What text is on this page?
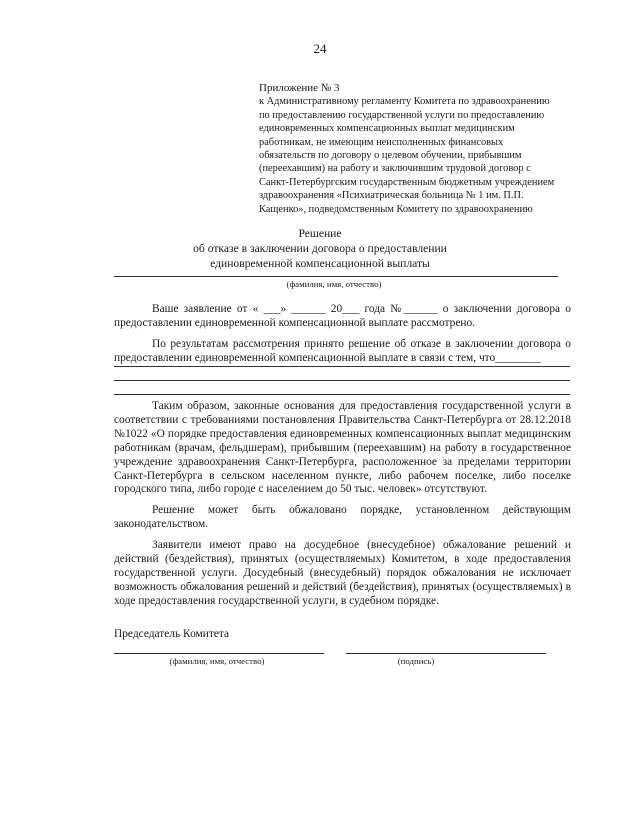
24
Приложение № 3
к Административному регламенту Комитета по здравоохранению
по предоставлению государственной услуги по предоставлению
единовременных компенсационных выплат медицинским
работникам, не имеющим неисполненных финансовых
обязательств по договору о целевом обучении, прибывшим
(переехавшим) на работу и заключившим трудовой договор с
Санкт-Петербургским государственным бюджетным учреждением
здравоохранения «Психиатрическая больница № 1 им. П.П.
Кащенко», подведомственным Комитету по здравоохранению
Решение
об отказе в заключении договора о предоставлении
единовременной компенсационной выплаты
(фамилия, имя, отчество)

Ваше заявление от « ___» ______ 20___ года №______ о заключении договора о предоставлении единовременной компенсационной выплате рассмотрено.

По результатам рассмотрения принято решение об отказе в заключении договора о предоставлении единовременной компенсационной выплате в связи с тем, что________

Таким образом, законные основания для предоставления государственной услуги в соответствии с требованиями постановления Правительства Санкт-Петербурга от 28.12.2018 №1022 «О порядке предоставления единовременных компенсационных выплат медицинским работникам (врачам, фельдшерам), прибывшим (переехавшим) на работу в государственное учреждение здравоохранения Санкт-Петербурга, расположенное за пределами территории Санкт-Петербурга в сельском населенном пункте, либо рабочем поселке, либо поселке городского типа, либо городе с населением до 50 тыс. человек» отсутствуют.

Решение может быть обжаловано порядке, установленном действующим законодательством.

Заявители имеют право на досудебное (внесудебное) обжалование решений и действий (бездействия), принятых (осуществляемых) Комитетом, в ходе предоставления государственной услуги. Досудебный (внесудебный) порядок обжалования не исключает возможность обжалования решений и действий (бездействия), принятых (осуществляемых) в ходе предоставления государственной услуги, в судебном порядке.

Председатель Комитета
(фамилия, имя, отчество)	(подпись)
